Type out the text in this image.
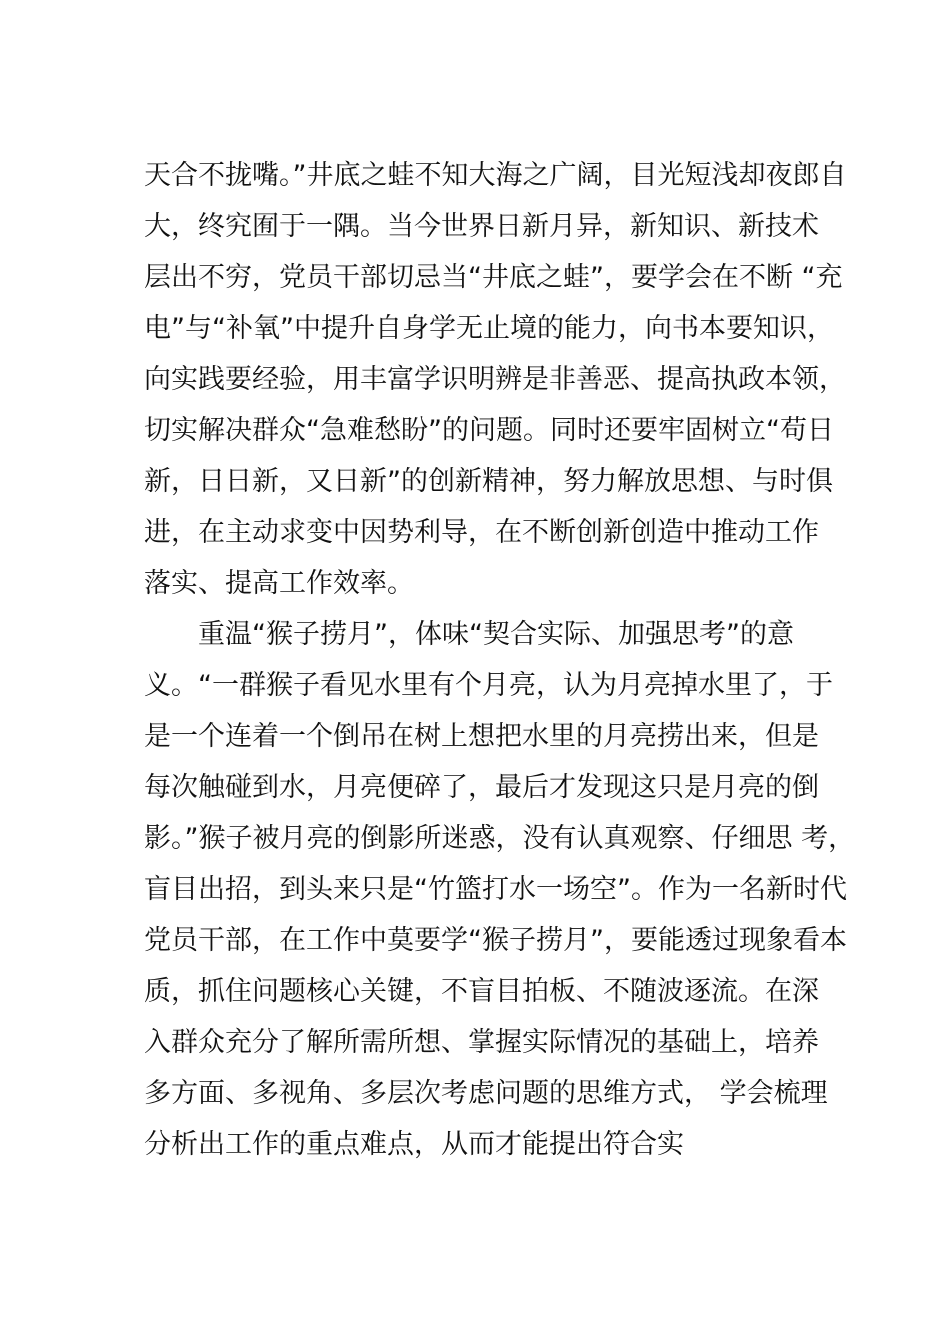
天合不拢嘴。”井底之蛙不知大海之广阔，目光短浅却夜郎自
大，终究囿于一隅。当今世界日新月异，新知识、新技术
层出不穷，党员干部切忌当“井底之蛙”，要学会在不断 “充
电”与“补氧”中提升自身学无止境的能力，向书本要知识，
向实践要经验，用丰富学识明辨是非善恶、提高执政本领，
切实解决群众“急难愁盼”的问题。同时还要牢固树立“苟日
新，日日新，又日新”的创新精神，努力解放思想、与时俱
进，在主动求变中因势利导，在不断创新创造中推动工作
落实、提高工作效率。
重温“猴子捞月”，体味“契合实际、加强思考”的意
义。“一群猴子看见水里有个月亮，认为月亮掉水里了，于
是一个连着一个倒吊在树上想把水里的月亮捞出来，但是
每次触碰到水，月亮便碎了，最后才发现这只是月亮的倒
影。”猴子被月亮的倒影所迷惑，没有认真观察、仔细思 考，
盲目出招，到头来只是“竹篮打水一场空”。作为一名新时代
党员干部，在工作中莫要学“猴子捞月”，要能透过现象看本
质，抓住问题核心关键，不盲目拍板、不随波逐流。在深
入群众充分了解所需所想、掌握实际情况的基础上，培养
多方面、多视角、多层次考虑问题的思维方式， 学会梳理
分析出工作的重点难点，从而才能提出符合实
